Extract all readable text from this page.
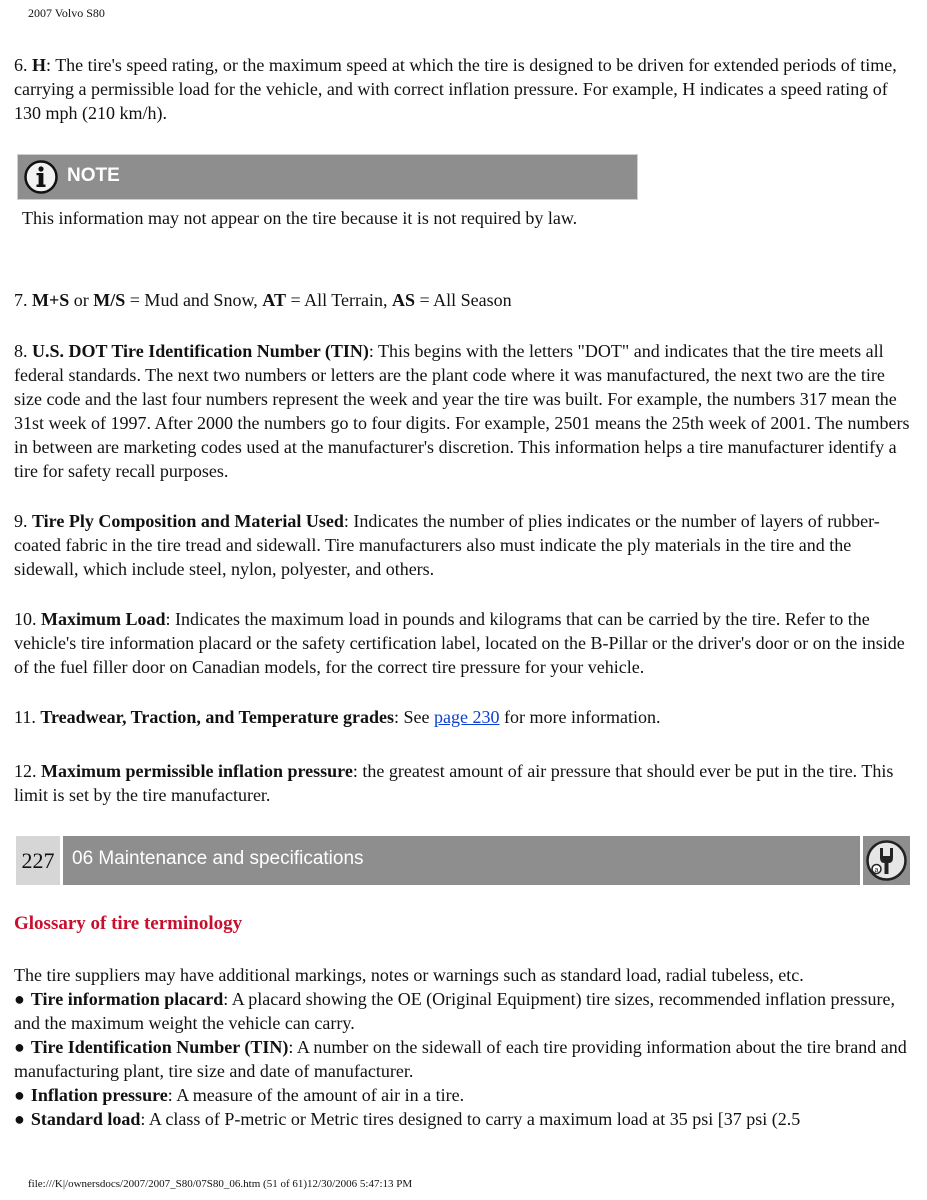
2007 Volvo S80

6. H: The tire's speed rating, or the maximum speed at which the tire is designed to be driven for extended periods of time, carrying a permissible load for the vehicle, and with correct inflation pressure. For example, H indicates a speed rating of 130 mph (210 km/h).

NOTE
This information may not appear on the tire because it is not required by law.

7. M+S or M/S = Mud and Snow, AT = All Terrain, AS = All Season

8. U.S. DOT Tire Identification Number (TIN): This begins with the letters "DOT" and indicates that the tire meets all federal standards. The next two numbers or letters are the plant code where it was manufactured, the next two are the tire size code and the last four numbers represent the week and year the tire was built. For example, the numbers 317 mean the 31st week of 1997. After 2000 the numbers go to four digits. For example, 2501 means the 25th week of 2001. The numbers in between are marketing codes used at the manufacturer's discretion. This information helps a tire manufacturer identify a tire for safety recall purposes.

9. Tire Ply Composition and Material Used: Indicates the number of plies indicates or the number of layers of rubber-coated fabric in the tire tread and sidewall. Tire manufacturers also must indicate the ply materials in the tire and the sidewall, which include steel, nylon, polyester, and others.

10. Maximum Load: Indicates the maximum load in pounds and kilograms that can be carried by the tire. Refer to the vehicle's tire information placard or the safety certification label, located on the B-Pillar or the driver's door or on the inside of the fuel filler door on Canadian models, for the correct tire pressure for your vehicle.

11. Treadwear, Traction, and Temperature grades: See page 230 for more information.

12. Maximum permissible inflation pressure: the greatest amount of air pressure that should ever be put in the tire. This limit is set by the tire manufacturer.

227 06 Maintenance and specifications
a
Glossary of tire terminology

The tire suppliers may have additional markings, notes or warnings such as standard load, radial tubeless, etc.

● Tire information placard: A placard showing the OE (Original Equipment) tire sizes, recommended inflation pressure, and the maximum weight the vehicle can carry.
● Tire Identification Number (TIN): A number on the sidewall of each tire providing information about the tire brand and manufacturing plant, tire size and date of manufacturer.
● Inflation pressure: A measure of the amount of air in a tire.
● Standard load: A class of P-metric or Metric tires designed to carry a maximum load at 35 psi [37 psi (2.5
file:///K|/ownersdocs/2007/2007_S80/07S80_06.htm (51 of 61)12/30/2006 5:47:13 PM
